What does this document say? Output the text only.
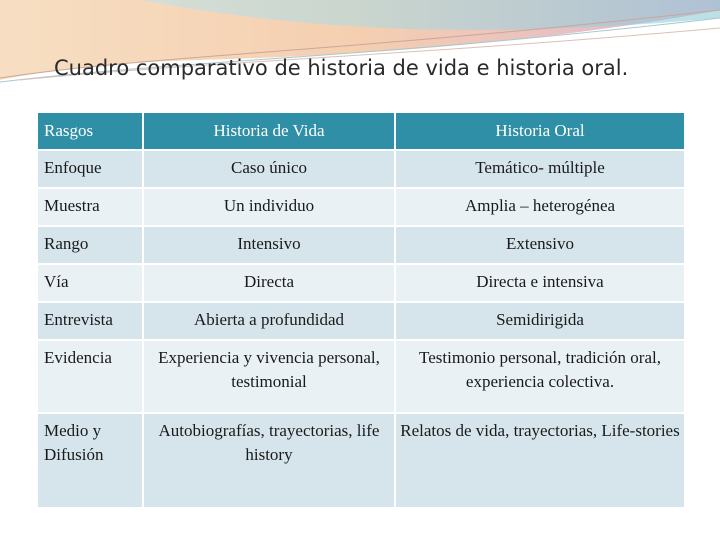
Cuadro comparativo de historia de vida e historia oral.
Rasgos	Historia de Vida	Historia Oral
Enfoque	Caso único	Temático- múltiple
Muestra	Un individuo	Amplia – heterogénea
Rango	Intensivo	Extensivo
Vía	Directa	Directa e intensiva
Entrevista	Abierta a profundidad	Semidirigida
Evidencia	Experiencia y vivencia personal, testimonial	Testimonio personal, tradición oral, experiencia colectiva.
Medio y Difusión	Autobiografías, trayectorias, life history	Relatos de vida, trayectorias, Life-stories
